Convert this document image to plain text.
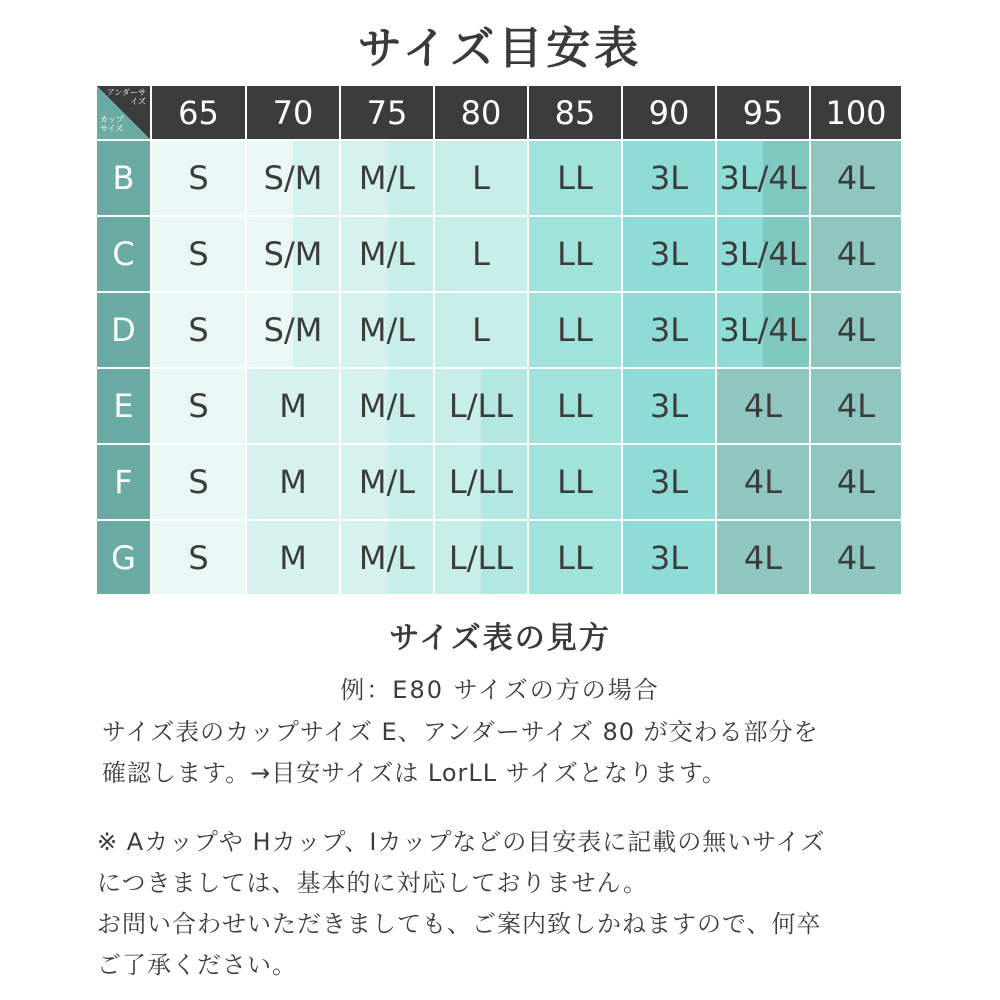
サイズ目安表
アンダーサイズ
カップサイズ 65 70 75 80 85 90 95 100
B S S/M M/L L LL 3L 3L/4L 4L
C S S/M M/L L LL 3L 3L/4L 4L
D S S/M M/L L LL 3L 3L/4L 4L
E S M M/L L/LL LL 3L 4L 4L
F S M M/L L/LL LL 3L 4L 4L
G S M M/L L/LL LL 3L 4L 4L
サイズ表の見方
例：E80 サイズの方の場合
サイズ表のカップサイズ E、アンダーサイズ 80 が交わる部分を
確認します。→目安サイズは LorLL サイズとなります。
※ Aカップや Hカップ、Iカップなどの目安表に記載の無いサイズ
につきましては、基本的に対応しておりません。
お問い合わせいただきましても、ご案内致しかねますので、何卒
ご了承ください。
